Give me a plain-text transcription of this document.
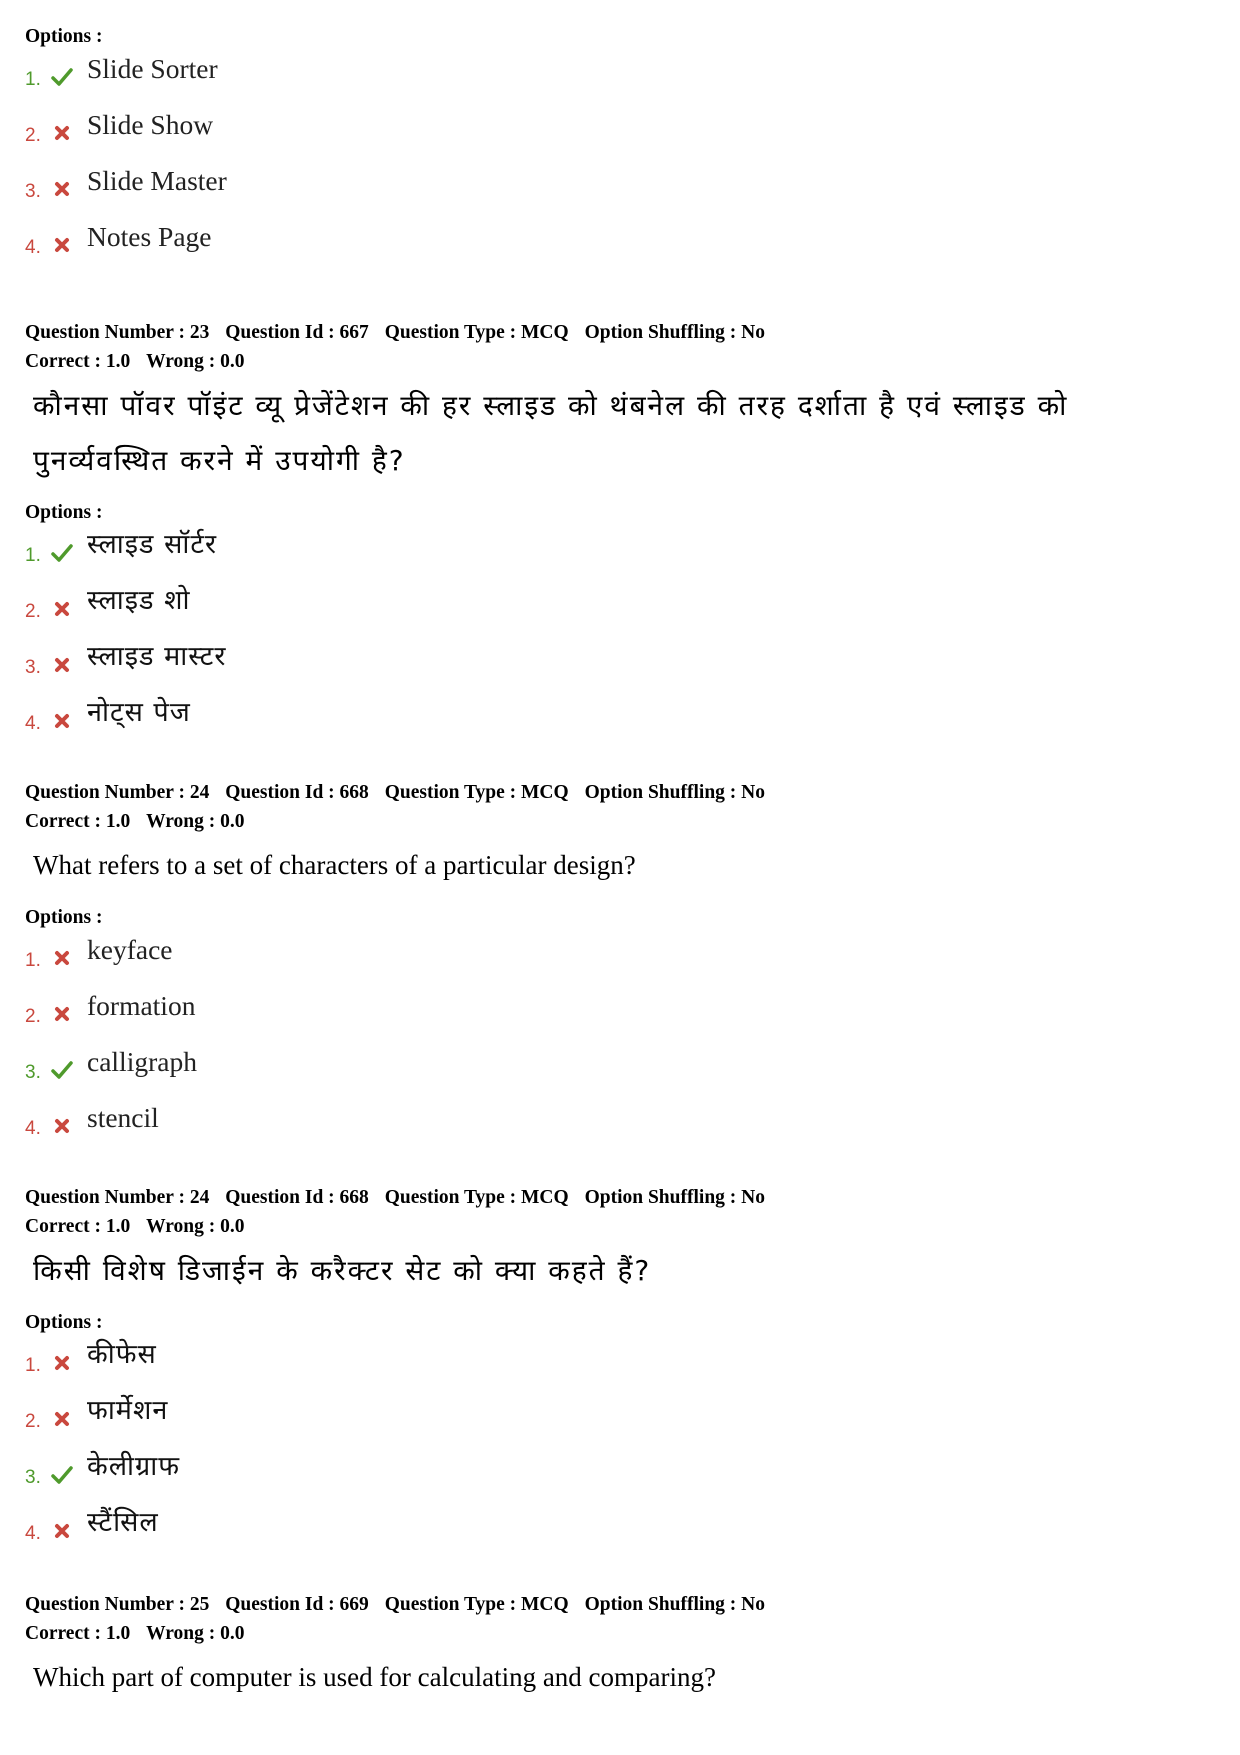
Options :
1. Slide Sorter
2. Slide Show
3. Slide Master
4. Notes Page
Question Number : 23 Question Id : 667 Question Type : MCQ Option Shuffling : No
Correct : 1.0 Wrong : 0.0
कौनसा पॉवर पॉइंट व्यू प्रेजेंटेशन की हर स्लाइड को थंबनेल की तरह दर्शाता है एवं स्लाइड को पुनर्व्यवस्थित करने में उपयोगी है?
Options :
1. स्लाइड सॉर्टर
2. स्लाइड शो
3. स्लाइड मास्टर
4. नोट्स पेज
Question Number : 24 Question Id : 668 Question Type : MCQ Option Shuffling : No
Correct : 1.0 Wrong : 0.0
What refers to a set of characters of a particular design?
Options :
1. keyface
2. formation
3. calligraph
4. stencil
Question Number : 24 Question Id : 668 Question Type : MCQ Option Shuffling : No
Correct : 1.0 Wrong : 0.0
किसी विशेष डिजाईन के करैक्टर सेट को क्या कहते हैं?
Options :
1. कीफेस
2. फार्मेशन
3. केलीग्राफ
4. स्टैंसिल
Question Number : 25 Question Id : 669 Question Type : MCQ Option Shuffling : No
Correct : 1.0 Wrong : 0.0
Which part of computer is used for calculating and comparing?
